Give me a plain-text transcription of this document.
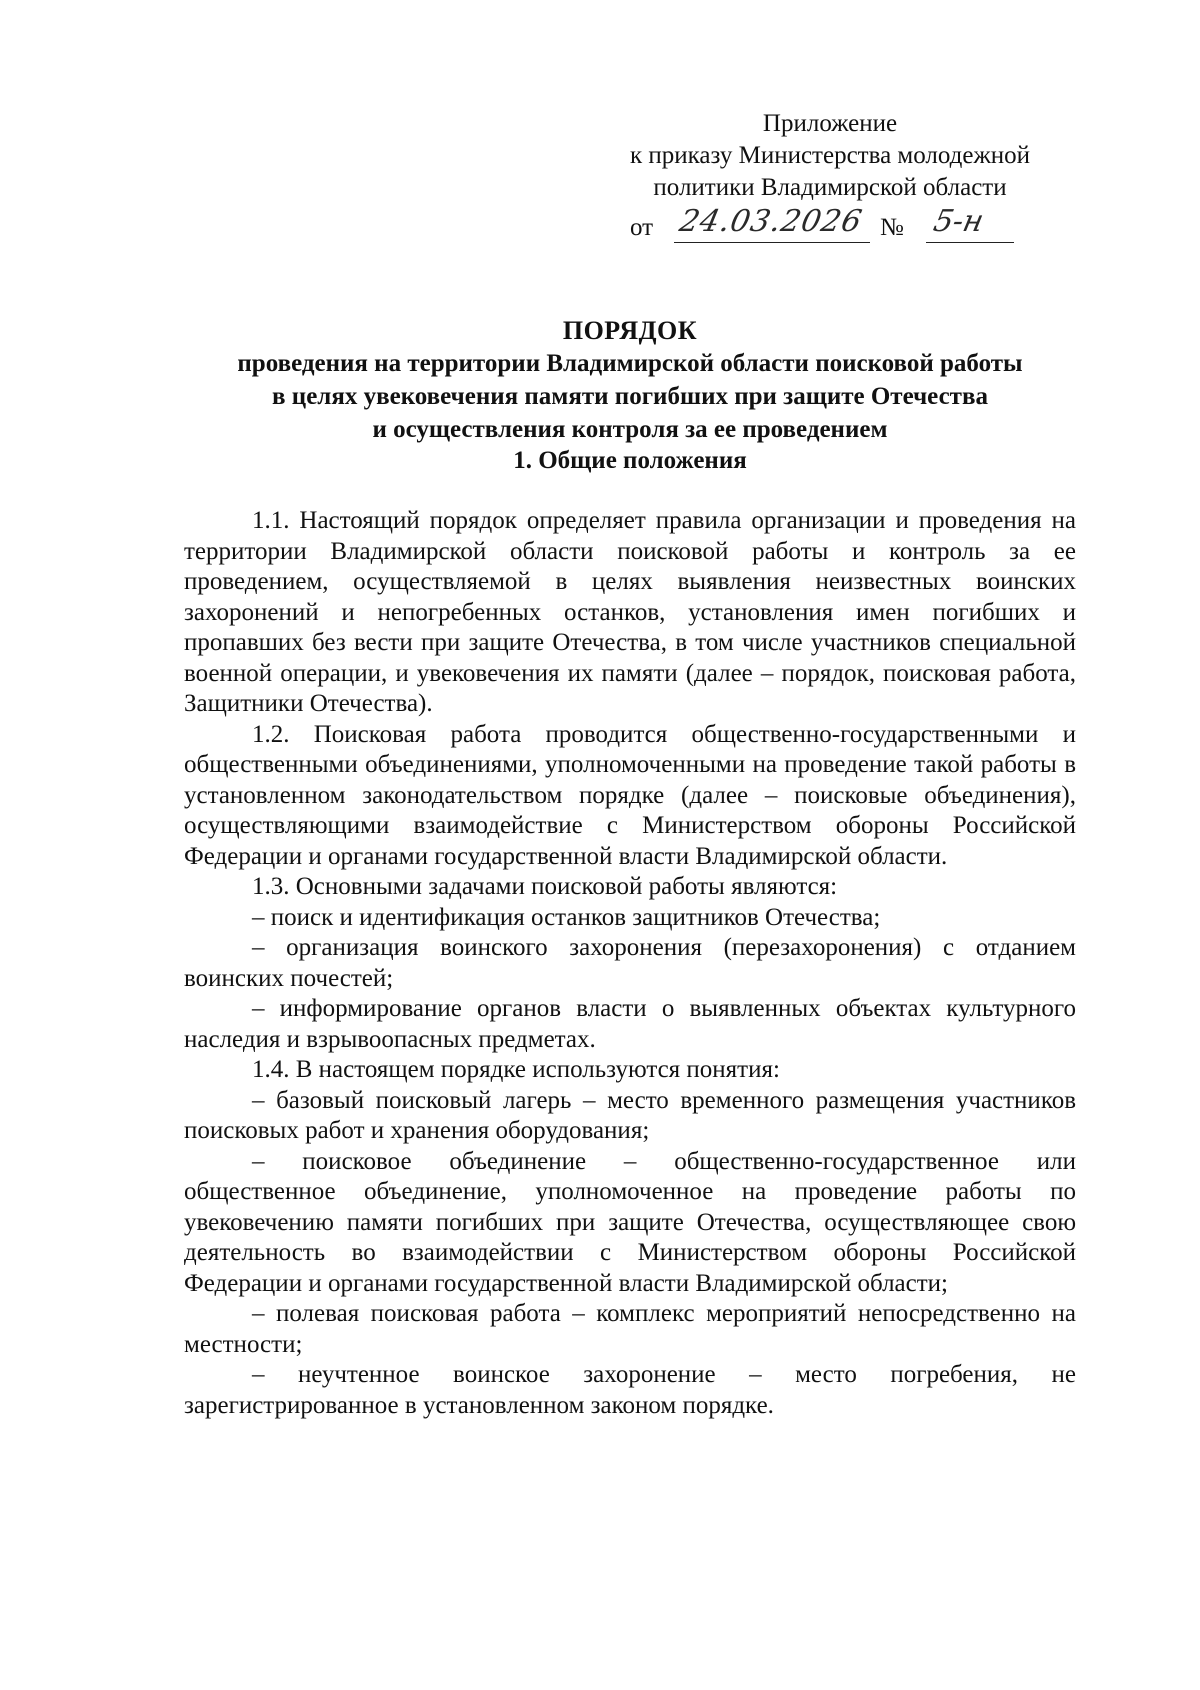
Приложение
к приказу Министерства молодежной
политики Владимирской области
от 24.03.2026 № 5-н
ПОРЯДОК
проведения на территории Владимирской области поисковой работы
в целях увековечения памяти погибших при защите Отечества
и осуществления контроля за ее проведением
1. Общие положения

1.1. Настоящий порядок определяет правила организации и проведения на территории Владимирской области поисковой работы и контроль за ее проведением, осуществляемой в целях выявления неизвестных воинских захоронений и непогребенных останков, установления имен погибших и пропавших без вести при защите Отечества, в том числе участников специальной военной операции, и увековечения их памяти (далее – порядок, поисковая работа, Защитники Отечества).

1.2. Поисковая работа проводится общественно-государственными и общественными объединениями, уполномоченными на проведение такой работы в установленном законодательством порядке (далее – поисковые объединения), осуществляющими взаимодействие с Министерством обороны Российской Федерации и органами государственной власти Владимирской области.

1.3. Основными задачами поисковой работы являются:

– поиск и идентификация останков защитников Отечества;

– организация воинского захоронения (перезахоронения) с отданием воинских почестей;

– информирование органов власти о выявленных объектах культурного наследия и взрывоопасных предметах.

1.4. В настоящем порядке используются понятия:

– базовый поисковый лагерь – место временного размещения участников поисковых работ и хранения оборудования;

– поисковое объединение – общественно-государственное или общественное объединение, уполномоченное на проведение работы по увековечению памяти погибших при защите Отечества, осуществляющее свою деятельность во взаимодействии с Министерством обороны Российской Федерации и органами государственной власти Владимирской области;

– полевая поисковая работа – комплекс мероприятий непосредственно на местности;

– неучтенное воинское захоронение – место погребения, не зарегистрированное в установленном законом порядке.
